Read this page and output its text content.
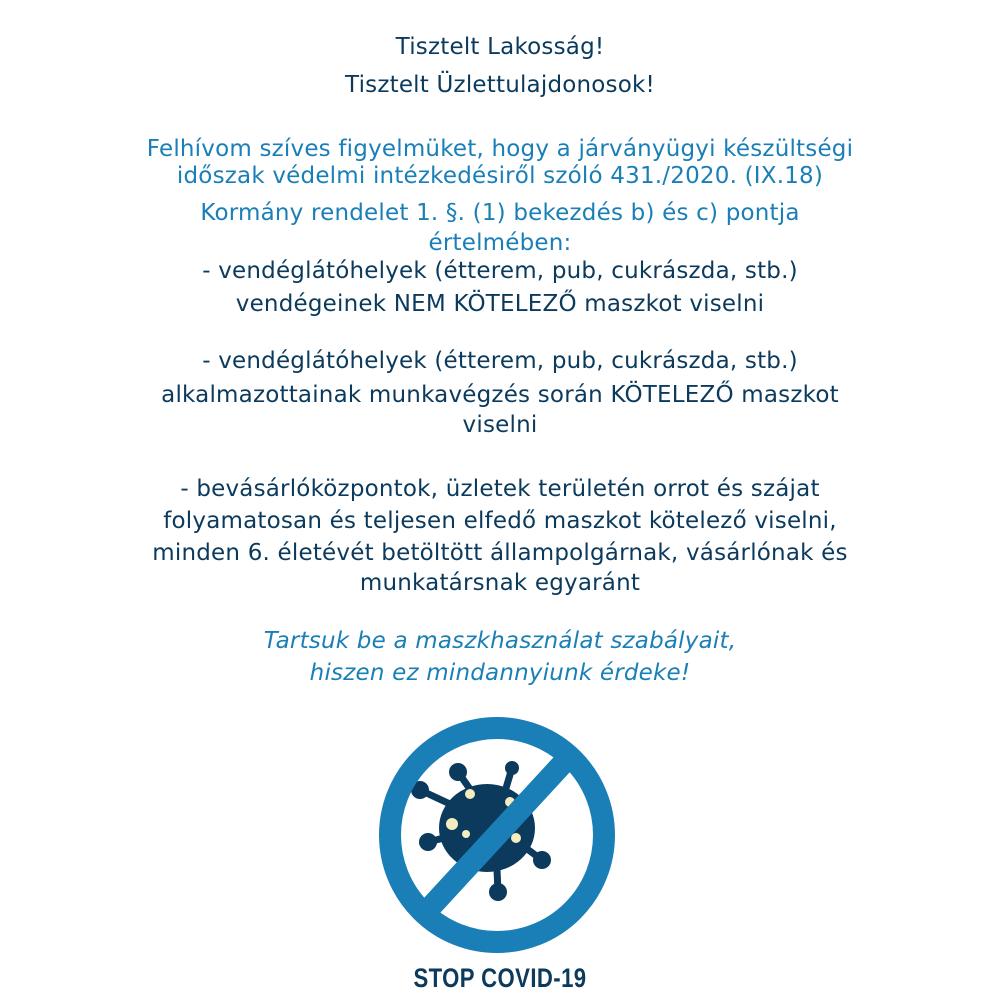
Tisztelt Lakosság!
Tisztelt Üzlettulajdonosok!
Felhívom szíves figyelmüket, hogy a járványügyi készültségi
időszak védelmi intézkedésiről szóló 431./2020. (IX.18)
Kormány rendelet 1. §. (1) bekezdés b) és c) pontja
értelmében:
- vendéglátóhelyek (étterem, pub, cukrászda, stb.)
vendégeinek NEM KÖTELEZŐ maszkot viselni
- vendéglátóhelyek (étterem, pub, cukrászda, stb.)
alkalmazottainak munkavégzés során KÖTELEZŐ maszkot
viselni
- bevásárlóközpontok, üzletek területén orrot és szájat
folyamatosan és teljesen elfedő maszkot kötelező viselni,
minden 6. életévét betöltött állampolgárnak, vásárlónak és
munkatársnak egyaránt
Tartsuk be a maszkhasználat szabályait,
hiszen ez mindannyiunk érdeke!
STOP COVID-19
